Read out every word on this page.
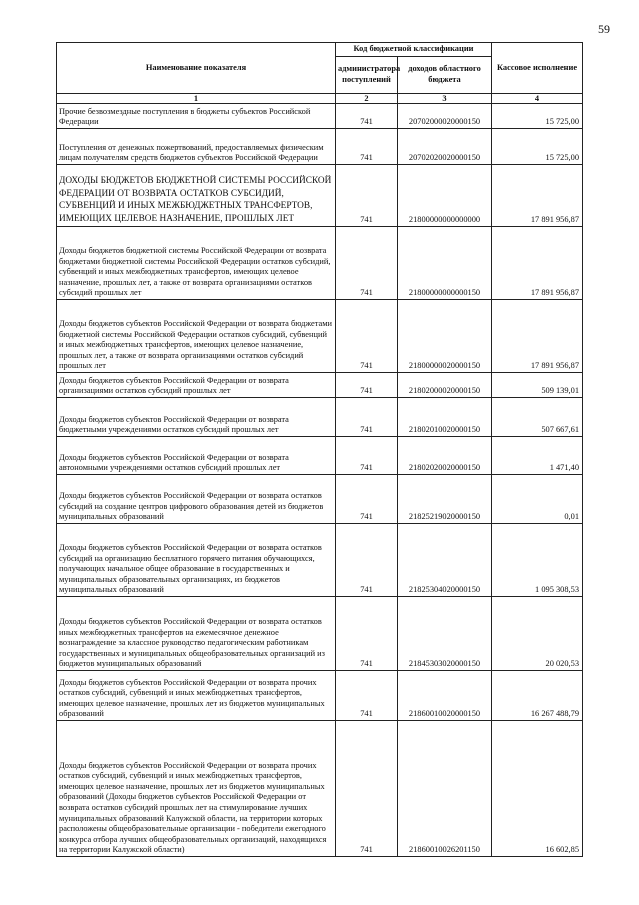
59
Наименование показателя	Код бюджетной классификации		Кассовое исполнение
	администратора поступлений	доходов областного бюджета	
1	2	3	4
Прочие безвозмездные поступления в бюджеты субъектов Российской Федерации	741	20702000020000150	15 725,00
Поступления от денежных пожертвований, предоставляемых физическим лицам получателям средств бюджетов субъектов Российской Федерации	741	20702020020000150	15 725,00
ДОХОДЫ БЮДЖЕТОВ БЮДЖЕТНОЙ СИСТЕМЫ РОССИЙСКОЙ ФЕДЕРАЦИИ ОТ ВОЗВРАТА ОСТАТКОВ СУБСИДИЙ, СУБВЕНЦИЙ И ИНЫХ МЕЖБЮДЖЕТНЫХ ТРАНСФЕРТОВ, ИМЕЮЩИХ ЦЕЛЕВОЕ НАЗНАЧЕНИЕ, ПРОШЛЫХ ЛЕТ	741	21800000000000000	17 891 956,87
Доходы бюджетов бюджетной системы Российской Федерации от возврата бюджетами бюджетной системы Российской Федерации остатков субсидий, субвенций и иных межбюджетных трансфертов, имеющих целевое назначение, прошлых лет, а также от возврата организациями остатков субсидий прошлых лет	741	21800000000000150	17 891 956,87
Доходы бюджетов субъектов Российской Федерации от возврата бюджетами бюджетной системы Российской Федерации остатков субсидий, субвенций и иных межбюджетных трансфертов, имеющих целевое назначение, прошлых лет, а также от возврата организациями остатков субсидий прошлых лет	741	21800000020000150	17 891 956,87
Доходы бюджетов субъектов Российской Федерации от возврата организациями остатков субсидий прошлых лет	741	21802000020000150	509 139,01
Доходы бюджетов субъектов Российской Федерации от возврата бюджетными учреждениями остатков субсидий прошлых лет	741	21802010020000150	507 667,61
Доходы бюджетов субъектов Российской Федерации от возврата автономными учреждениями остатков субсидий прошлых лет	741	21802020020000150	1 471,40
Доходы бюджетов субъектов Российской Федерации от возврата остатков субсидий на создание центров цифрового образования детей из бюджетов муниципальных образований	741	21825219020000150	0,01
Доходы бюджетов субъектов Российской Федерации от возврата остатков субсидий на организацию бесплатного горячего питания обучающихся, получающих начальное общее образование в государственных и муниципальных образовательных организациях, из бюджетов муниципальных образований	741	21825304020000150	1 095 308,53
Доходы бюджетов субъектов Российской Федерации от возврата остатков иных межбюджетных трансфертов на ежемесячное денежное вознаграждение за классное руководство педагогическим работникам государственных и муниципальных общеобразовательных организаций из бюджетов муниципальных образований	741	21845303020000150	20 020,53
Доходы бюджетов субъектов Российской Федерации от возврата прочих остатков субсидий, субвенций и иных межбюджетных трансфертов, имеющих целевое назначение, прошлых лет из бюджетов муниципальных образований	741	21860010020000150	16 267 488,79
Доходы бюджетов субъектов Российской Федерации от возврата прочих остатков субсидий, субвенций и иных межбюджетных трансфертов, имеющих целевое назначение, прошлых лет из бюджетов муниципальных образований (Доходы бюджетов субъектов Российской Федерации от возврата остатков субсидий прошлых лет на стимулирование лучших муниципальных образований Калужской области, на территории которых расположены общеобразовательные организации - победители ежегодного конкурса отбора лучших общеобразовательных организаций, находящихся на территории Калужской области)	741	21860010026201150	16 602,85
